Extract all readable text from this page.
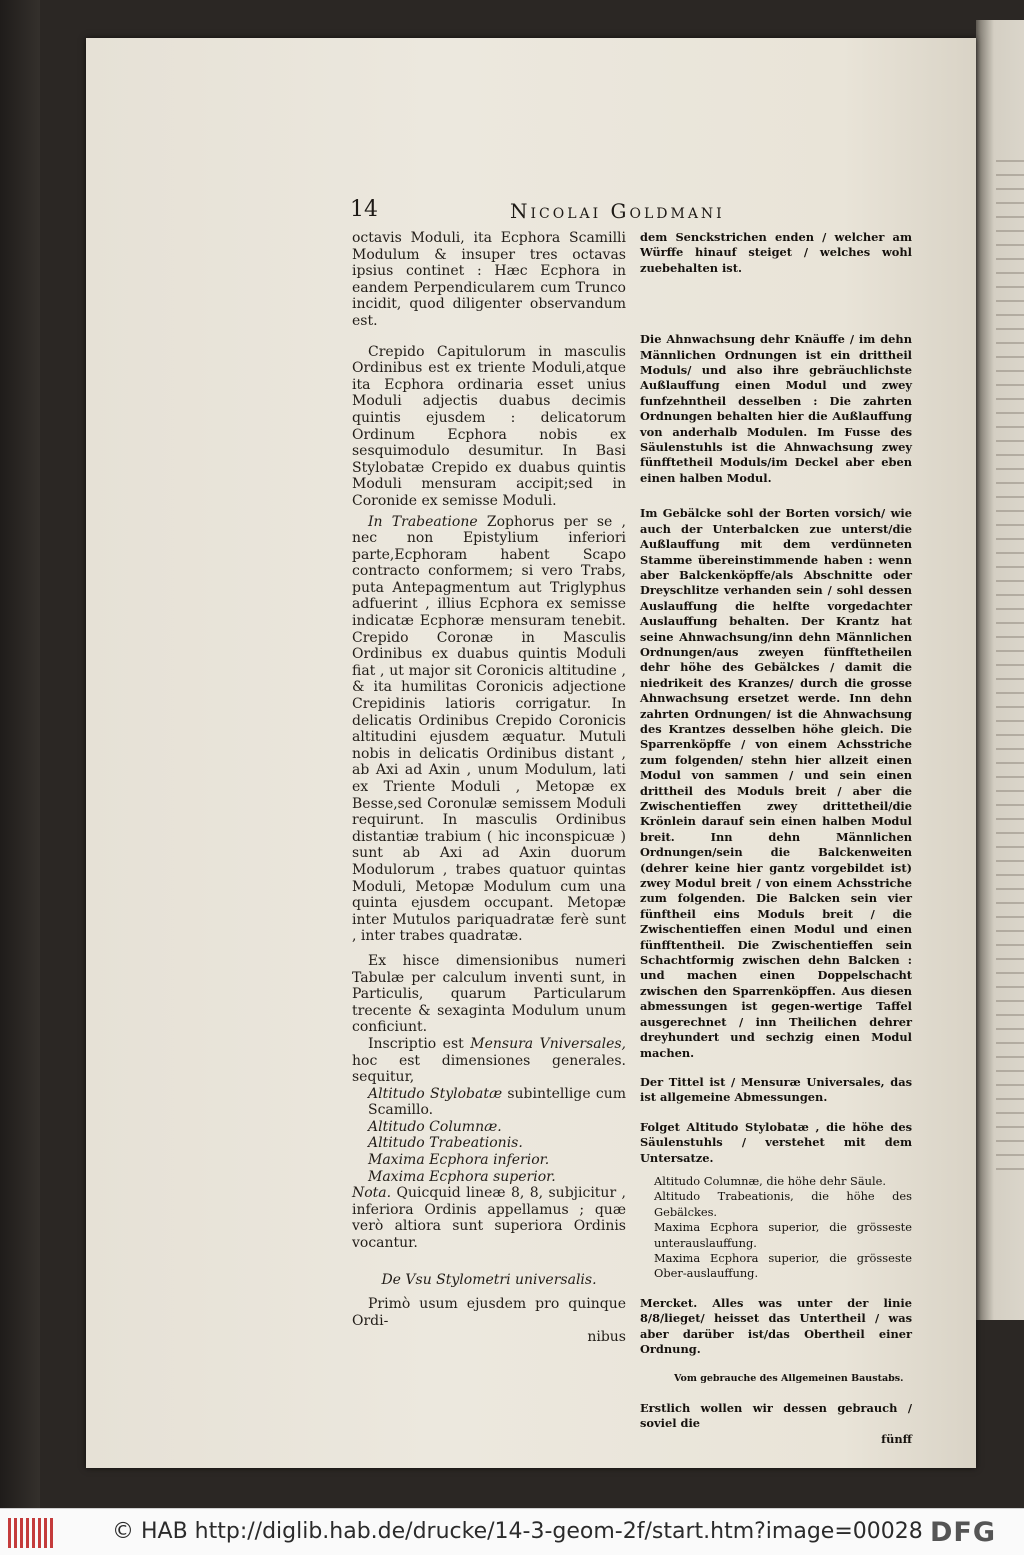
14	Nicolai Goldmani

octavis Moduli, ita Ecphora Scamilli Modulum & insuper tres octavas ipsius continet : Hæc Ecphora in eandem Perpendicularem cum Trunco incidit, quod diligenter observandum est.

Crepido Capitulorum in masculis Ordinibus est ex triente Moduli,atque ita Ecphora ordinaria esset unius Moduli adjectis duabus decimis quintis ejusdem : delicatorum Ordinum Ecphora nobis ex sesquimodulo desumitur. In Basi Stylobatæ Crepido ex duabus quintis Moduli mensuram accipit;sed in Coronide ex semisse Moduli.

In Trabeatione Zophorus per se , nec non Epistylium inferiori parte,Ecphoram habent Scapo contracto conformem; si vero Trabs, puta Antepagmentum aut Triglyphus adfuerint , illius Ecphora ex semisse indicatæ Ecphoræ mensuram tenebit. Crepido Coronæ in Masculis Ordinibus ex duabus quintis Moduli fiat , ut major sit Coronicis altitudine , & ita humilitas Coronicis adjectione Crepidinis latioris corrigatur. In delicatis Ordinibus Crepido Coronicis altitudini ejusdem æquatur. Mutuli nobis in delicatis Ordinibus distant , ab Axi ad Axin , unum Modulum, lati ex Triente Moduli , Metopæ ex Besse,sed Coronulæ semissem Moduli requirunt. In masculis Ordinibus distantiæ trabium ( hic inconspicuæ ) sunt ab Axi ad Axin duorum Modulorum , trabes quatuor quintas Moduli, Metopæ Modulum cum una quinta ejusdem occupant. Metopæ inter Mutulos pariquadratæ ferè sunt , inter trabes quadratæ.

Ex hisce dimensionibus numeri Tabulæ per calculum inventi sunt, in Particulis, quarum Particularum trecente & sexaginta Modulum unum conficiunt.

Inscriptio est Mensura Vniversales, hoc est dimensiones generales. sequitur,

Altitudo Stylobatæ subintellige cum Scamillo.

Altitudo Columnæ.

Altitudo Trabeationis.

Maxima Ecphora inferior.

Maxima Ecphora superior.

Nota. Quicquid lineæ 8, 8, subjicitur , inferiora Ordinis appellamus ; quæ verò altiora sunt superiora Ordinis vocantur.

De Vsu Stylometri universalis.

Primò usum ejusdem pro quinque Ordi-

nibus

dem Senckstrichen enden / welcher am Würffe hinauf steiget / welches wohl zuebehalten ist.

Die Ahnwachsung dehr Knäuffe / im dehn Männlichen Ordnungen ist ein drittheil Moduls/ und also ihre gebräuchlichste Außlauffung einen Modul und zwey funfzehntheil desselben : Die zahrten Ordnungen behalten hier die Außlauffung von anderhalb Modulen. Im Fusse des Säulenstuhls ist die Ahnwachsung zwey fünfftetheil Moduls/im Deckel aber eben einen halben Modul.

Im Gebälcke sohl der Borten vorsich/ wie auch der Unterbalcken zue unterst/die Außlauffung mit dem verdünneten Stamme übereinstimmende haben : wenn aber Balckenköpffe/als Abschnitte oder Dreyschlitze verhanden sein / sohl dessen Auslauffung die helfte vorgedachter Auslauffung behalten. Der Krantz hat seine Ahnwachsung/inn dehn Männlichen Ordnungen/aus zweyen fünfftetheilen dehr höhe des Gebälckes / damit die niedrikeit des Kranzes/ durch die grosse Ahnwachsung ersetzet werde. Inn dehn zahrten Ordnungen/ ist die Ahnwachsung des Krantzes desselben höhe gleich. Die Sparrenköpffe / von einem Achsstriche zum folgenden/ stehn hier allzeit einen Modul von sammen / und sein einen drittheil des Moduls breit / aber die Zwischentieffen zwey drittetheil/die Krönlein darauf sein einen halben Modul breit. Inn dehn Männlichen Ordnungen/sein die Balckenweiten (dehrer keine hier gantz vorgebildet ist) zwey Modul breit / von einem Achsstriche zum folgenden. Die Balcken sein vier fünftheil eins Moduls breit / die Zwischentieffen einen Modul und einen fünfftentheil. Die Zwischentieffen sein Schachtformig zwischen dehn Balcken : und machen einen Doppelschacht zwischen den Sparrenköpffen. Aus diesen abmessungen ist gegen-wertige Taffel ausgerechnet / inn Theilichen dehrer dreyhundert und sechzig einen Modul machen.

Der Tittel ist / Mensuræ Universales, das ist allgemeine Abmessungen.

Folget Altitudo Stylobatæ , die höhe des Säulenstuhls / verstehet mit dem Untersatze.

Altitudo Columnæ, die höhe dehr Säule.

Altitudo Trabeationis, die höhe des Gebälckes.

Maxima Ecphora superior, die grösseste unterauslauffung.

Maxima Ecphora superior, die grösseste Ober-auslauffung.

Mercket. Alles was unter der linie 8/8/lieget/ heisset das Untertheil / was aber darüber ist/das Obertheil einer Ordnung.

Vom gebrauche des Allgemeinen Baustabs.

Erstlich wollen wir dessen gebrauch / soviel die

fünff

© HAB http://diglib.hab.de/drucke/14-3-geom-2f/start.htm?image=00028 DFG
